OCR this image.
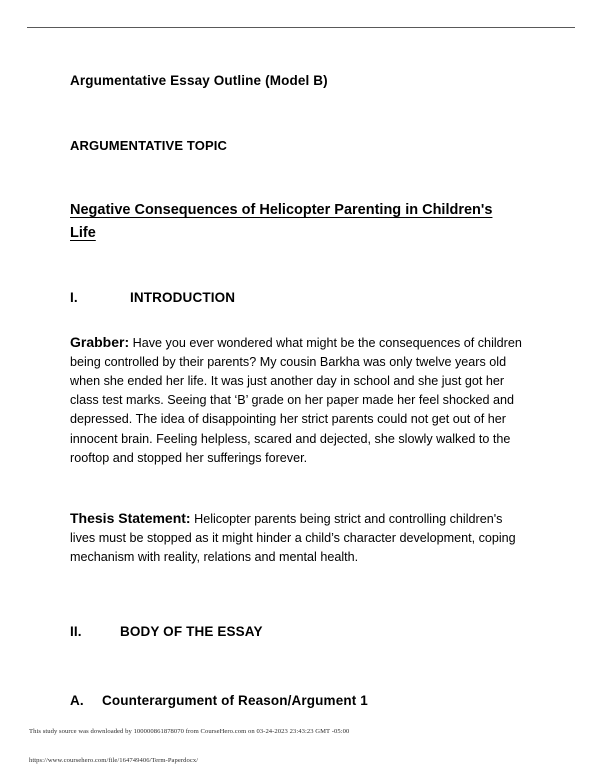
Argumentative Essay Outline (Model B)
ARGUMENTATIVE TOPIC
Negative Consequences of Helicopter Parenting in Children's Life
I.	INTRODUCTION

Grabber: Have you ever wondered what might be the consequences of children being controlled by their parents? My cousin Barkha was only twelve years old when she ended her life. It was just another day in school and she just got her class test marks. Seeing that ‘B’ grade on her paper made her feel shocked and depressed. The idea of disappointing her strict parents could not get out of her innocent brain. Feeling helpless, scared and dejected, she slowly walked to the rooftop and stopped her sufferings forever.

Thesis Statement: Helicopter parents being strict and controlling children's lives must be stopped as it might hinder a child’s character development, coping mechanism with reality, relations and mental health.

II.	BODY OF THE ESSAY
A.	Counterargument of Reason/Argument 1
This study source was downloaded by 100000861878070 from CourseHero.com on 03-24-2023 23:43:23 GMT -05:00
https://www.coursehero.com/file/164749406/Term-Paperdocx/
